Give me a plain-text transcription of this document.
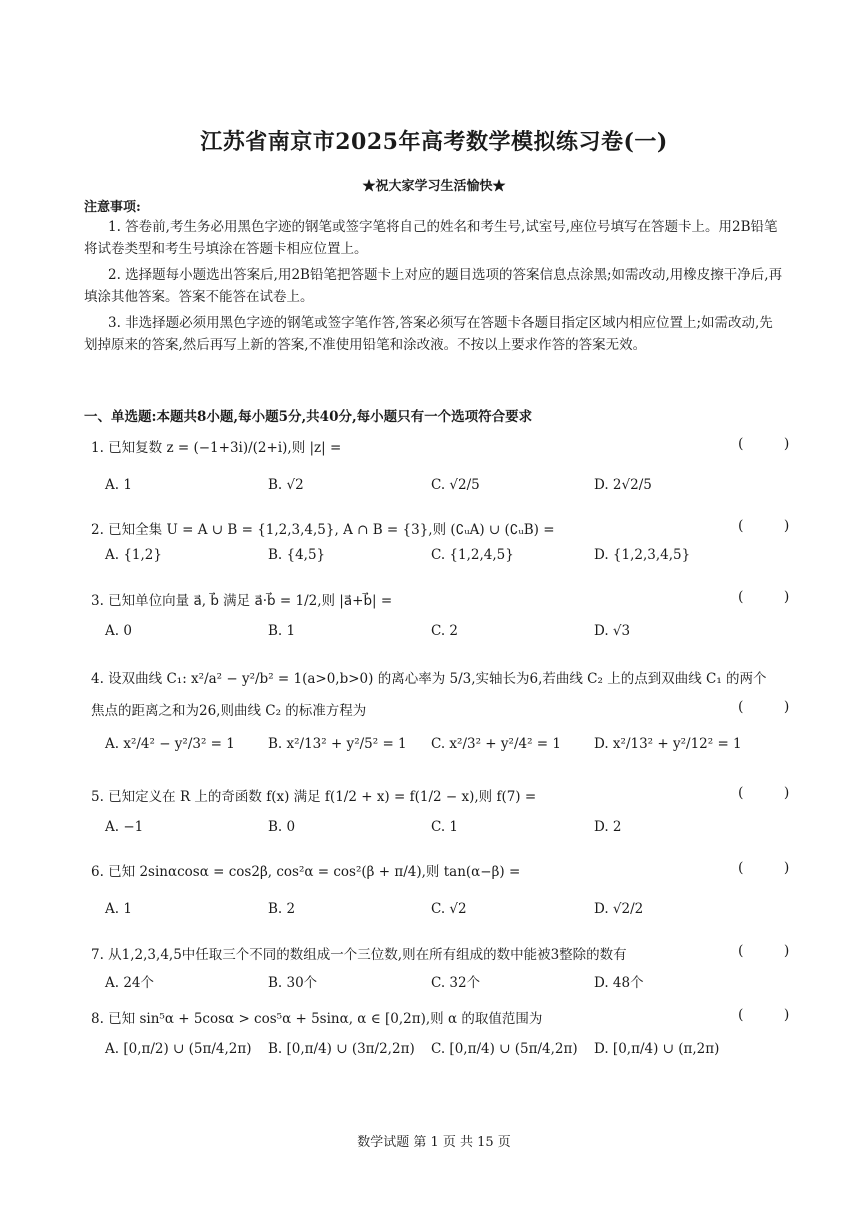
江苏省南京市2025年高考数学模拟练习卷(一)
★祝大家学习生活愉快★
注意事项:
1. 答卷前,考生务必用黑色字迹的钢笔或签字笔将自己的姓名和考生号,试室号,座位号填写在答题卡上。用2B铅笔将试卷类型和考生号填涂在答题卡相应位置上。
2. 选择题每小题选出答案后,用2B铅笔把答题卡上对应的题目选项的答案信息点涂黑;如需改动,用橡皮擦干净后,再填涂其他答案。答案不能答在试卷上。
3. 非选择题必须用黑色字迹的钢笔或签字笔作答,答案必须写在答题卡各题目指定区域内相应位置上;如需改动,先划掉原来的答案,然后再写上新的答案,不准使用铅笔和涂改液。不按以上要求作答的答案无效。
一、单选题:本题共8小题,每小题5分,共40分,每小题只有一个选项符合要求
1. 已知复数 z = (−1+3i)/(2+i),则 |z| =	( )
A. 1	B. √2	C. √2/5	D. 2√2/5
2. 已知全集 U = A ∪ B = {1,2,3,4,5}, A ∩ B = {3},则 (∁ᵤA) ∪ (∁ᵤB) =	( )
A. {1,2}	B. {4,5}	C. {1,2,4,5}	D. {1,2,3,4,5}
3. 已知单位向量 a⃗, b⃗ 满足 a⃗·b⃗ = 1/2,则 |a⃗+b⃗| =	( )
A. 0	B. 1	C. 2	D. √3
4. 设双曲线 C₁: x²/a² − y²/b² = 1(a>0,b>0) 的离心率为 5/3,实轴长为6,若曲线 C₂ 上的点到双曲线 C₁ 的两个
焦点的距离之和为26,则曲线 C₂ 的标准方程为	( )
A. x²/4² − y²/3² = 1 B. x²/13² + y²/5² = 1 C. x²/3² + y²/4² = 1 D. x²/13² + y²/12² = 1
5. 已知定义在 R 上的奇函数 f(x) 满足 f(1/2 + x) = f(1/2 − x),则 f(7) =	( )
A. −1	B. 0	C. 1	D. 2
6. 已知 2sinαcosα = cos2β, cos²α = cos²(β + π/4),则 tan(α−β) =	( )
A. 1	B. 2	C. √2	D. √2/2
7. 从1,2,3,4,5中任取三个不同的数组成一个三位数,则在所有组成的数中能被3整除的数有	( )
A. 24个	B. 30个	C. 32个	D. 48个
8. 已知 sin⁵α + 5cosα > cos⁵α + 5sinα, α ∈ [0,2π),则 α 的取值范围为	( )
A. [0,π/2) ∪ (5π/4,2π) B. [0,π/4) ∪ (3π/2,2π) C. [0,π/4) ∪ (5π/4,2π) D. [0,π/4) ∪ (π,2π)
数学试题 第 1 页 共 15 页
